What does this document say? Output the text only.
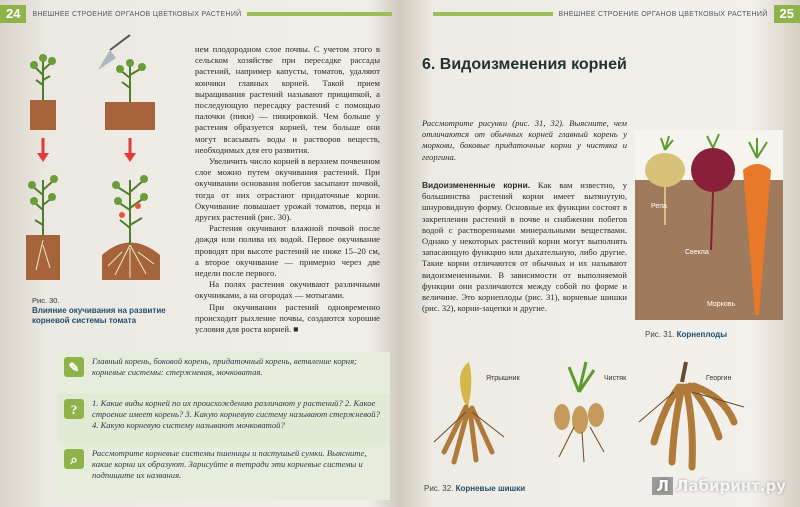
24	ВНЕШНЕЕ СТРОЕНИЕ ОРГАНОВ ЦВЕТКОВЫХ РАСТЕНИЙ
Рис. 30.
Влияние окучивания на развитие корневой системы томата

нем плодородном слое почвы. С учетом этого в сельском хозяйстве при пересадке рассады растений, например капусты, томатов, удаляют кончики главных корней. Такой прием выращивания растений называют прищипкой, а последующую пересадку растений с помощью палочки (пики) — пикировкой. Чем больше у растения образуется корней, тем больше они могут всасывать воды и растворов веществ, необходимых для его развития.

Увеличить число корней в верхнем почвенном слое можно путем окучивания растений. При окучивании основания побегов засыпают почвой, тогда от них отрастают придаточные корни. Окучивание повышает урожай томатов, перца и других растений (рис. 30).

Растения окучивают влажной почвой после дождя или полива их водой. Первое окучивание проводят при высоте растений не ниже 15–20 см, а второе окучивание — примерно через две недели после первого.

На полях растения окучивают различными окучниками, а на огородах — мотыгами.

При окучивании растений одновременно происходит рыхление почвы, создаются хорошие условия для роста корней. ■

✎	Главный корень, боковой корень, придаточный корень, ветвление корня; корневые системы: стержневая, мочковатая.
?	1. Какие виды корней по их происхождению различают у растений? 2. Какое строение имеет корень? 3. Какую корневую систему называют стержневой? 4. Какую корневую систему называют мочковатой?
⌕	Рассмотрите корневые системы пшеницы и пастушьей сумки. Выясните, какие корни их образуют. Зарисуйте в тетради эти корневые системы и подпишите их названия.
ВНЕШНЕЕ СТРОЕНИЕ ОРГАНОВ ЦВЕТКОВЫХ РАСТЕНИЙ 25
6. Видоизменения корней
Рассмотрите рисунки (рис. 31, 32). Выясните, чем отличаются от обычных корней главный корень у моркови, боковые придаточные корни у чистяка и георгина.
Видоизмененные корни. Как вам известно, у большинства растений корни имеет вытянутую, шнуровидную форму. Основные их функции состоят в закреплении растений в почве и снабжении побегов водой с растворенными минеральными веществами. Однако у некоторых растений корни могут выполнять запасающую функцию или дыхательную, либо другие. Такие корни отличаются от обычных и их называют видоизмененными. В зависимости от выполняемой функции они различаются между собой по форме и величине. Это корнеплоды (рис. 31), корневые шишки (рис. 32), корни-зацепки и другие.
Репа
Свекла
Морковь
Рис. 31. Корнеплоды
Ятрышник	Чистяк	Георгин
Рис. 32. Корневые шишки	Л Лабиринт.ру
